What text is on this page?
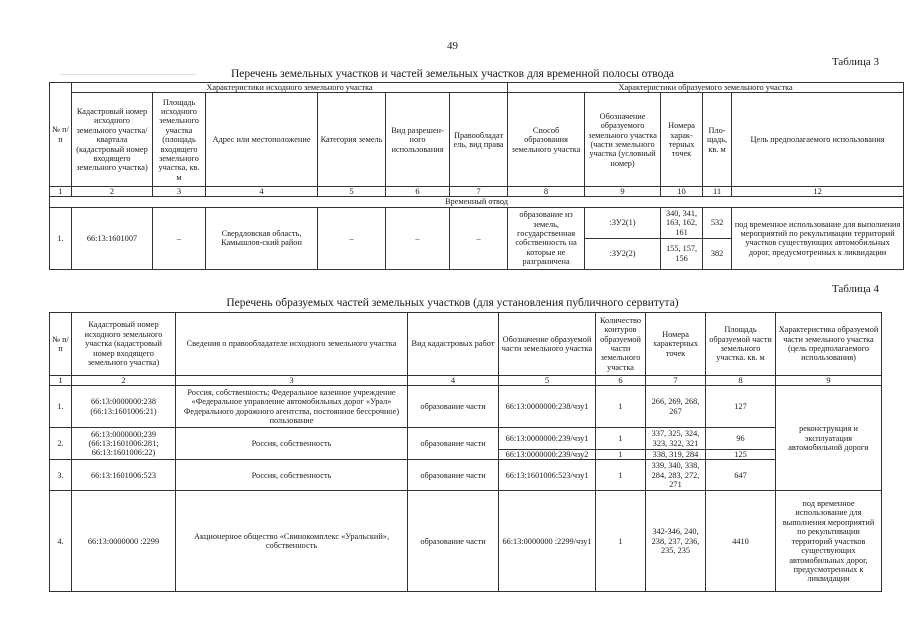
49
────────────────────────
Таблица 3
Перечень земельных участков и частей земельных участков для временной полосы отвода
№ п/п	Характеристики исходного земельного участка						Характеристики образуемого земельного участка				
	Кадастровый номер исходного земельного участка/квартала (кадастровый номер входящего земельного участка)	Площадь исходного земельного участка (площадь входящего земельного участка, кв. м	Адрес или местоположение	Категория земель	Вид разрешен-ного использования	Правообладат ель, вид права	Способ образования земельного участка	Обозначение образуемого земельного участка (части земельного участка (условный номер)	Номера харак-терных точек	Пло-щадь, кв. м	Цель предполагаемого использования
1	2	3	4	5	6	7	8	9	10	11	12
Временный отвод											
1.	66:13:1601007	–	Свердловская область, Камышлов-ский район	–	–	–	образование из земель, государственная собственность на которые не разграничена	:ЗУ2(1)	340, 341, 163, 162, 161	532	под временное использование для выполнения мероприятий по рекультивации территорий участков существующих автомобильных дорог, предусмотренных к ликвидации
								:ЗУ2(2)	155, 157, 156	382	
Таблица 4
Перечень образуемых частей земельных участков (для установления публичного сервитута)
№ п/п	Кадастровый номер исходного земельного участка (кадастровый номер входящего земельного участка)	Сведения о правообладателе исходного земельного участка	Вид кадастровых работ	Обозначение образуемой части земельного участка	Количество контуров образуемой части земельного участка	Номера характерных точек	Площадь образуемой части земельного участка. кв. м	Характеристика образуемой части земельного участка (цель предполагаемого использования)
1	2	3	4	5	6	7	8	9
1.	66:13:0000000:238 (66:13:1601006:21)	Россия, собственность; Федеральное казенное учреждение «Федеральное управление автомобильных дорог «Урал» Федерального дорожного агентства, постоянное бессрочное) пользование	образование части	66:13:0000000:238/чзу1	1	266, 269, 268, 267	127	реконструкция и эксплуатация автомобильной дороги
2.	66:13:0000000:239 (66:13:1601006:281; 66:13:1601006:22)	Россия, собственность	образование части	66:13:0000000:239/чзу1	1	337, 325, 324, 323, 322, 321	96	
				66:13:0000000:239/чзу2	1	338, 319, 284	125	
3.	66:13:1601006:523	Россия, собственность	образование части	66:13:1601006:523/чзу1	1	339, 340, 338, 284, 283, 272, 271	647	
4.	66:13:0000000 :2299	Акционерное общество «Свинокомплекс «Уральский», собственность	образование части	66:13:0000000 :2299/чзу1	1	342-346, 240, 238, 237, 236, 235, 235	4410	под временное использование для выполнения мероприятий по рекультивации территорий участков существующих автомобильных дорог, предусмотренных к ликвидации
